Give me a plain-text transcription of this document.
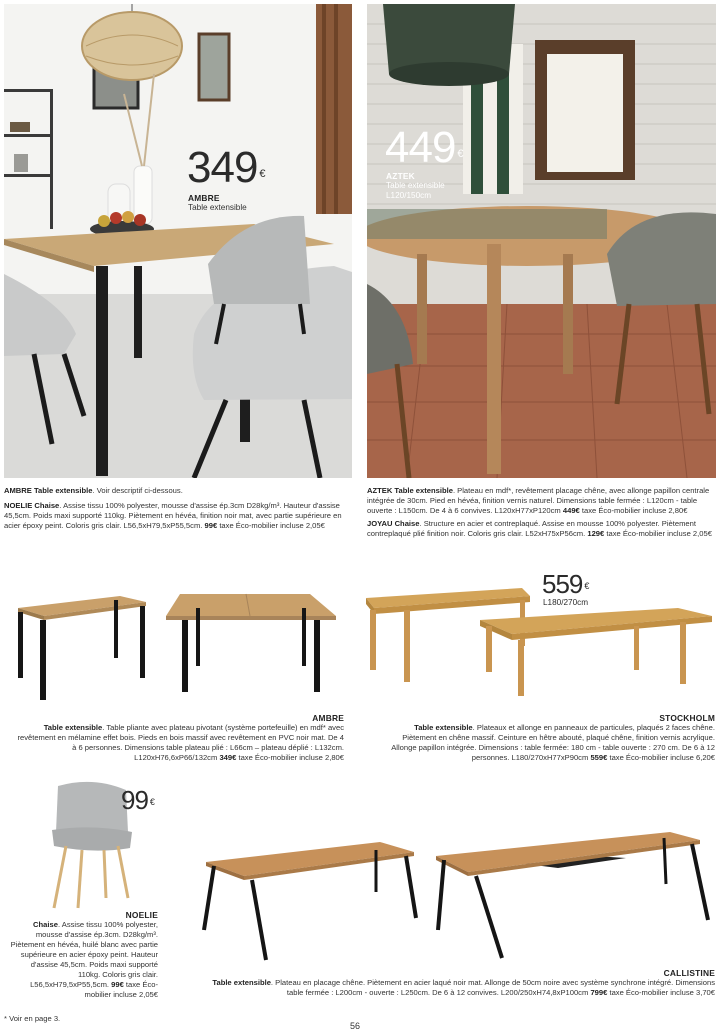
349 €
AMBRE
Table extensible
449 €
AZTEK
Table extensible
L120/150cm
AMBRE Table extensible. Voir descriptif ci-dessous.
NOELIE Chaise. Assise tissu 100% polyester, mousse d'assise ép.3cm D28kg/m³. Hauteur d'assise 45,5cm. Poids maxi supporté 110kg. Piètement en hévéa, finition noir mat, avec partie supérieure en acier époxy peint. Coloris gris clair. L56,5xH79,5xP55,5cm. 99€ taxe Éco-mobilier incluse 2,05€
AZTEK Table extensible. Plateau en mdf*, revêtement placage chêne, avec allonge papillon centrale intégrée de 30cm. Pied en hévéa, finition vernis naturel. Dimensions table fermée : L120cm - table ouverte : L150cm. De 4 à 6 convives. L120xH77xP120cm 449€ taxe Éco-mobilier incluse 2,80€
JOYAU Chaise. Structure en acier et contreplaqué. Assise en mousse 100% polyester. Piètement contreplaqué plié finition noir. Coloris gris clair. L52xH75xP56cm. 129€ taxe Éco-mobilier incluse 2,05€
AMBRE
Table extensible. Table pliante avec plateau pivotant (système portefeuille) en mdf* avec revêtement en mélamine effet bois. Pieds en bois massif avec revêtement en PVC noir mat. De 4 à 6 personnes. Dimensions table plateau plié : L66cm – plateau déplié : L132cm. L120xH76,6xP66/132cm 349€ taxe Éco-mobilier incluse 2,80€
559 €
L180/270cm
STOCKHOLM
Table extensible. Plateaux et allonge en panneaux de particules, plaqués 2 faces chêne. Piètement en chêne massif. Ceinture en hêtre abouté, plaqué chêne, finition vernis acrylique. Allonge papillon intégrée. Dimensions : table fermée: 180 cm - table ouverte : 270 cm. De 6 à 12 personnes. L180/270xH77xP90cm 559€ taxe Éco-mobilier incluse 6,20€
99 €
NOELIE
Chaise. Assise tissu 100% polyester, mousse d'assise ép.3cm. D28kg/m³. Piètement en hévéa, huilé blanc avec partie supérieure en acier époxy peint. Hauteur d'assise 45,5cm. Poids maxi supporté 110kg. Coloris gris clair. L56,5xH79,5xP55,5cm. 99€ taxe Éco-mobilier incluse 2,05€
CALLISTINE
Table extensible. Plateau en placage chêne. Piètement en acier laqué noir mat. Allonge de 50cm noire avec système synchrone intégré. Dimensions table fermée : L200cm - ouverte : L250cm. De 6 à 12 convives. L200/250xH74,8xP100cm 799€ taxe Éco-mobilier incluse 3,70€
* Voir en page 3.
56
